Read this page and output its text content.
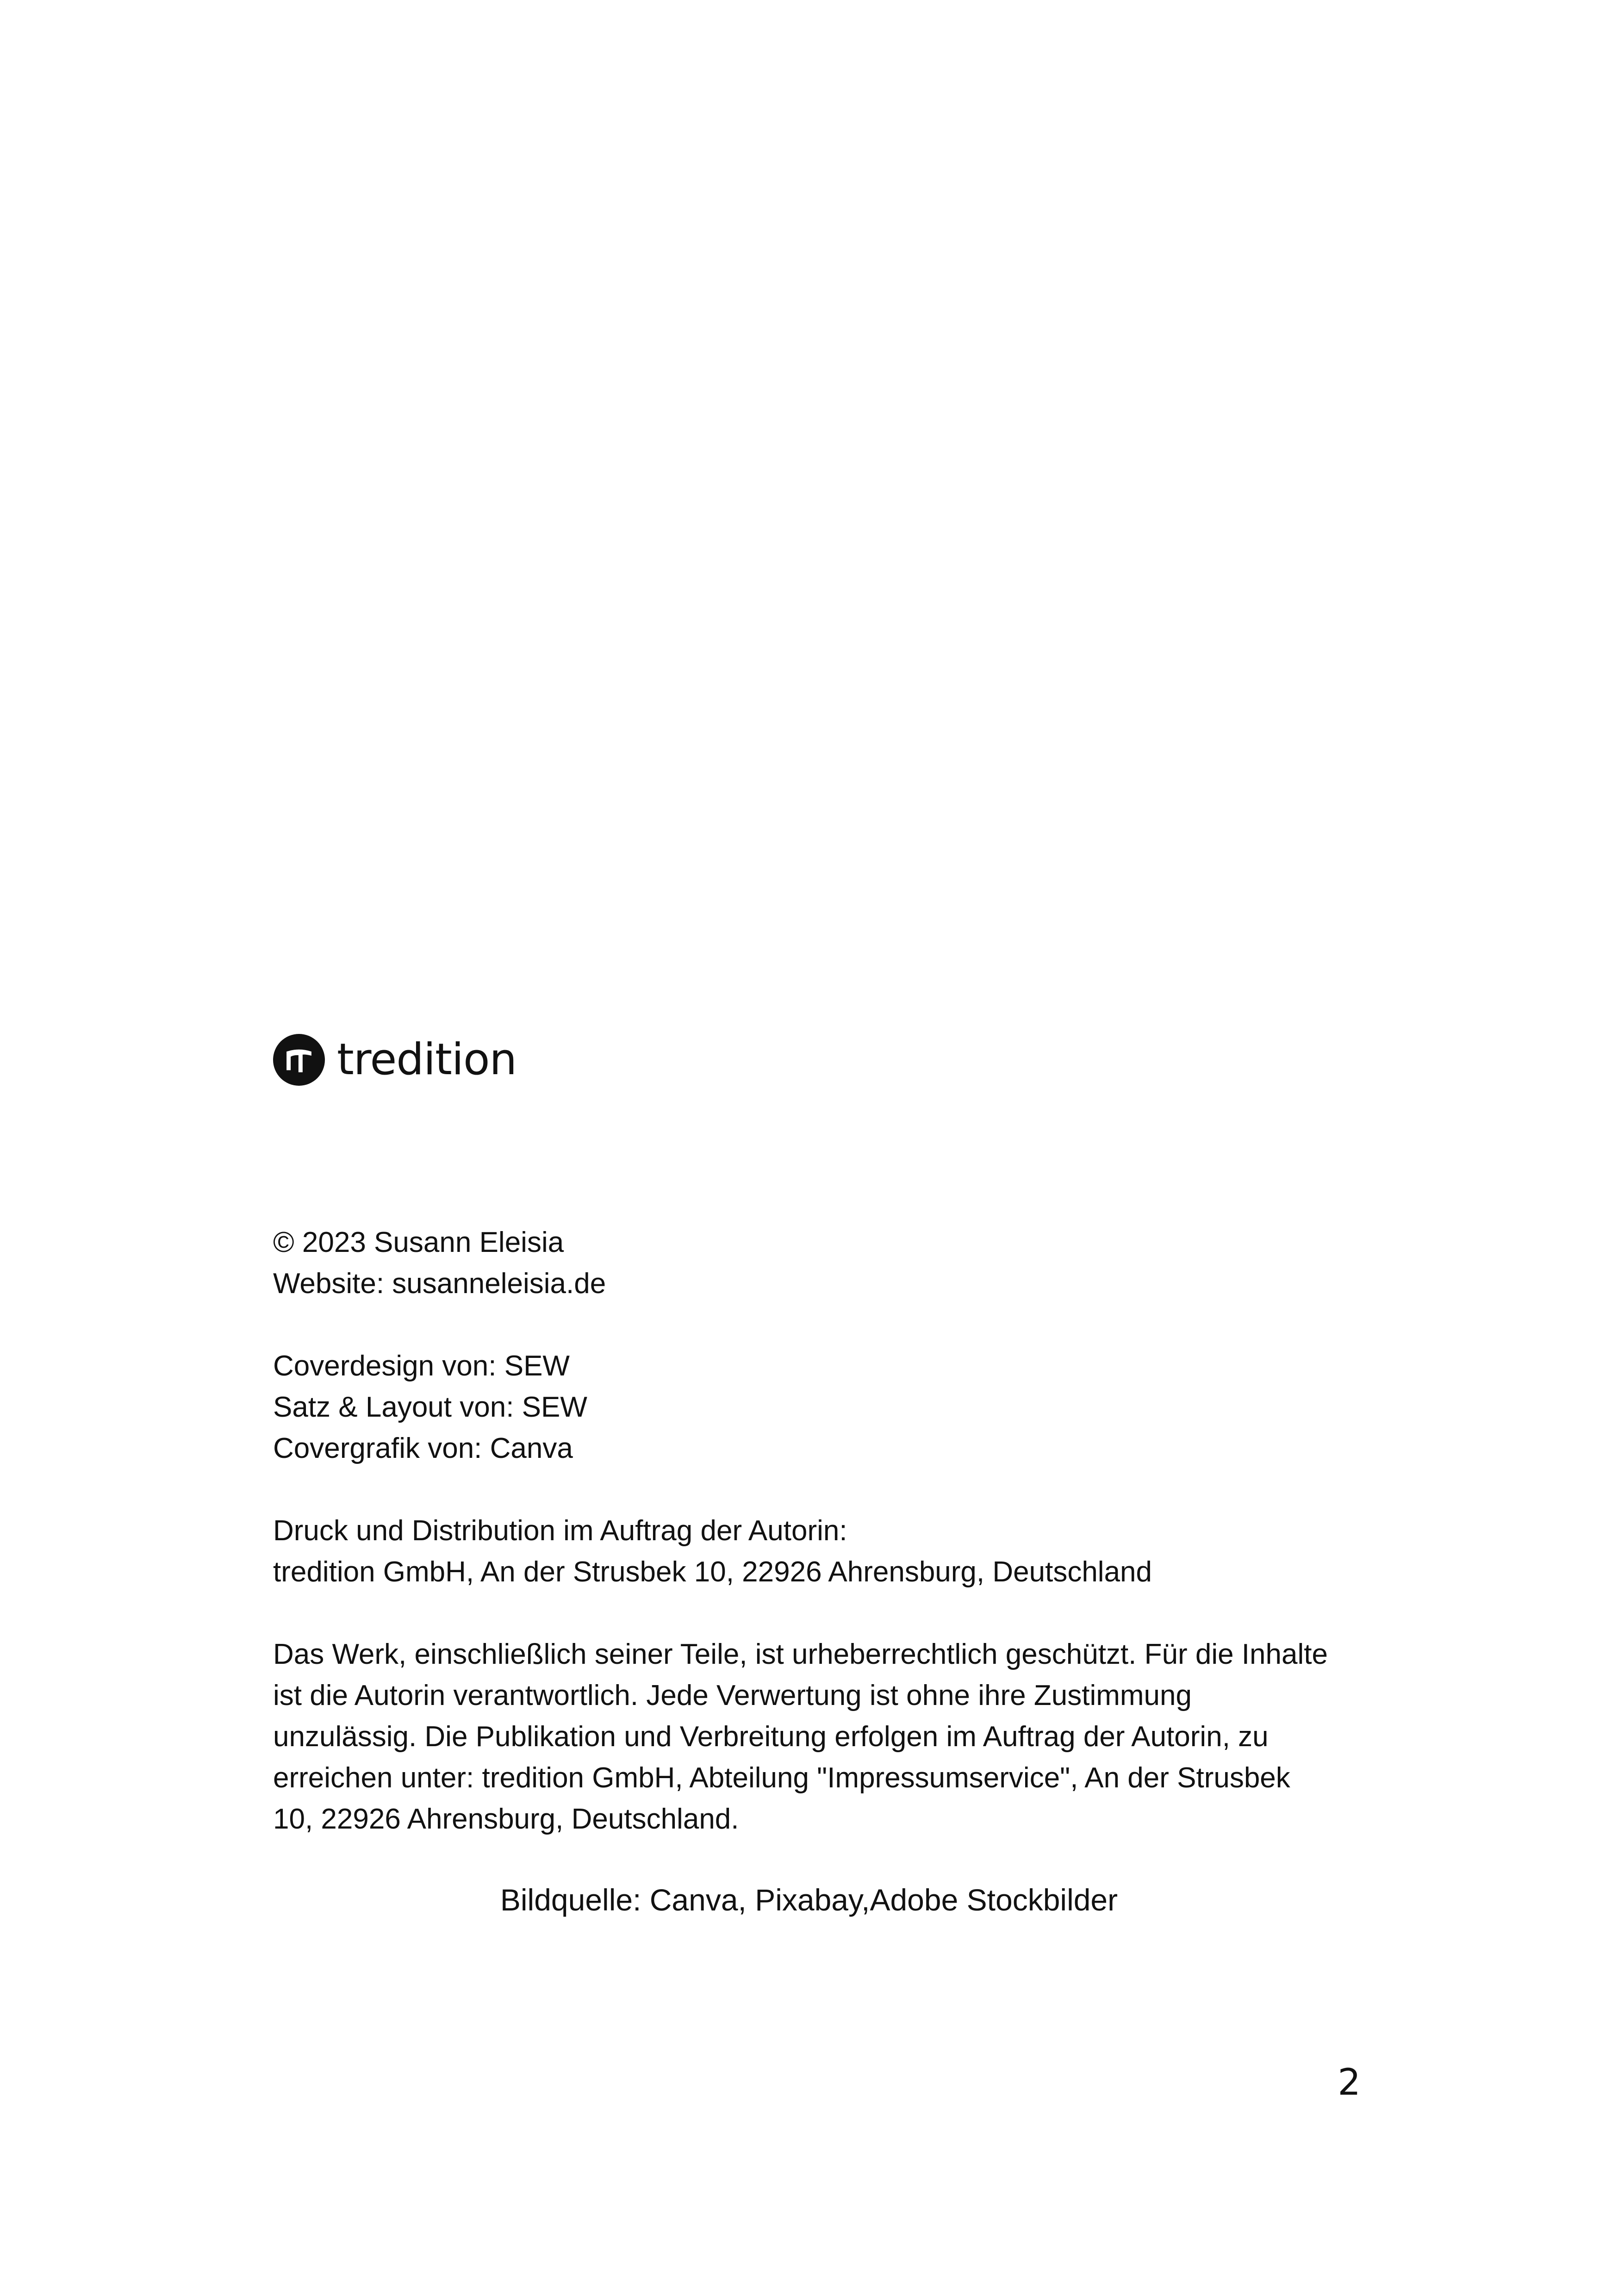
tredition
© 2023 Susann Eleisia
Website: susanneleisia.de
Coverdesign von: SEW
Satz & Layout von: SEW
Covergrafik von: Canva
Druck und Distribution im Auftrag der Autorin:
tredition GmbH, An der Strusbek 10, 22926 Ahrensburg, Deutschland
Das Werk, einschließlich seiner Teile, ist urheberrechtlich geschützt. Für die Inhalte ist die Autorin verantwortlich. Jede Verwertung ist ohne ihre Zustimmung unzulässig. Die Publikation und Verbreitung erfolgen im Auftrag der Autorin, zu erreichen unter: tredition GmbH, Abteilung "Impressumservice", An der Strusbek 10, 22926 Ahrensburg, Deutschland.
Bildquelle: Canva, Pixabay,Adobe Stockbilder
2
